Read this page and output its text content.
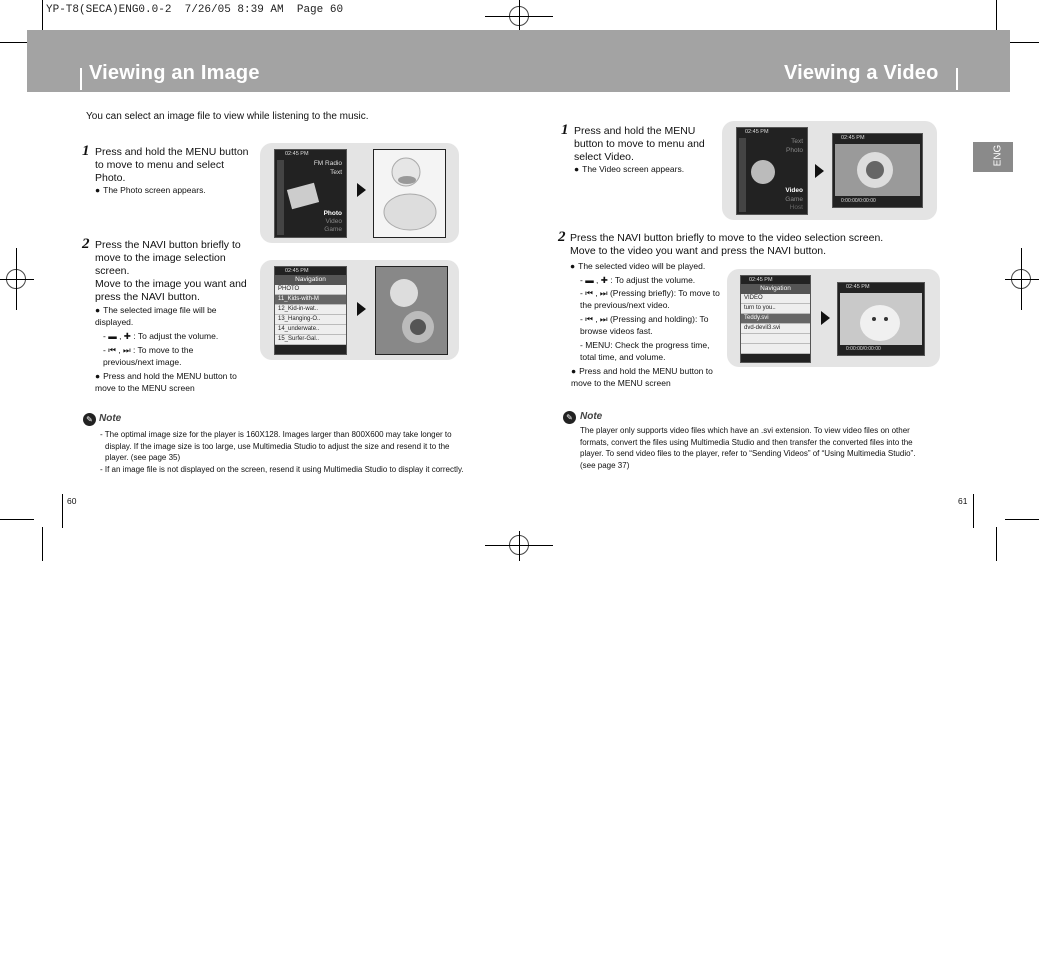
YP-T8(SECA)ENG0.0-2  7/26/05 8:39 AM  Page 60
Viewing an Image	Viewing a Video
ENG
You can select an image file to view while listening to the music.
1 Press and hold the MENU button to move to menu and select Photo.
● The Photo screen appears.
2 Press the NAVI button briefly to move to the image selection screen.
Move to the image you want and press the NAVI button.
● The selected image file will be displayed.
- ▬ , ✚ : To adjust the volume.
- ⏮ , ⏭ : To move to the previous/next image.
● Press and hold the MENU button to move to the MENU screen
02:45 PM
FM Radio
Text
Photo
Video
Game
02:45 PM
Navigation
PHOTO
11_Kids-with-M
12_Kid-in-wat..
13_Hanging-O..
14_underwate..
15_Surfer-Gal..
✎ Note
- The optimal image size for the player is 160X128. Images larger than 800X600 may take longer to display. If the image size is too large, use Multimedia Studio to adjust the size and resend it to the player. (see page 35)
- If an image file is not displayed on the screen, resend it using Multimedia Studio to display it correctly.
60
1 Press and hold the MENU button to move to menu and select Video.
● The Video screen appears.
02:45 PM
Text
Photo
Video
Game
Host
02:45 PM
0:00:00/0:00:00
2 Press the NAVI button briefly to move to the video selection screen.
Move to the video you want and press the NAVI button.
● The selected video will be played.
- ▬ , ✚ : To adjust the volume.
- ⏮ , ⏭ (Pressing briefly): To move to the previous/next video.
- ⏮ , ⏭ (Pressing and holding): To browse videos fast.
- MENU: Check the progress time, total time, and volume.
● Press and hold the MENU button to move to the MENU screen
02:45 PM
Navigation
VIDEO
turn to you..
Teddy.svi
dvd-devil3.svi
02:45 PM
0:00:00/0:00:00
✎ Note
The player only supports video files which have an .svi extension. To view video files on other formats, convert the files using Multimedia Studio and then transfer the converted files into the player. To send video files to the player, refer to “Sending Videos” of “Using Multimedia Studio”. (see page 37)
61
